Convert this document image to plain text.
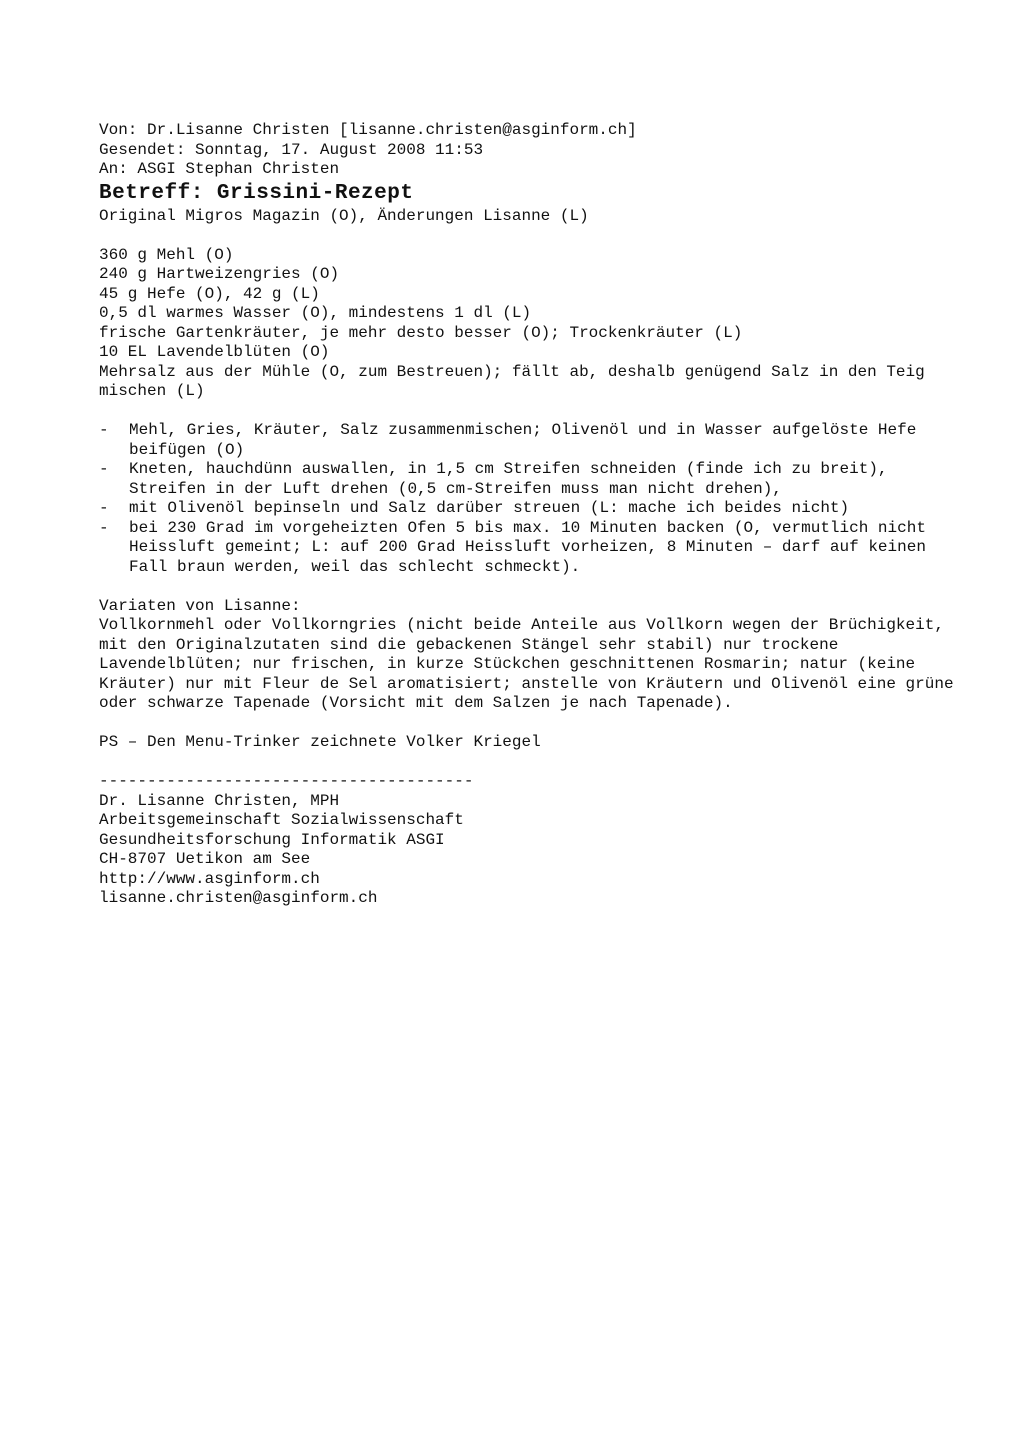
Von: Dr.Lisanne Christen [lisanne.christen@asginform.ch]
Gesendet: Sonntag, 17. August 2008 11:53
An: ASGI Stephan Christen
Betreff: Grissini-Rezept
Original Migros Magazin (O), Änderungen Lisanne (L)
360 g Mehl (O)
240 g Hartweizengries (O)
45 g Hefe (O), 42 g (L)
0,5 dl warmes Wasser (O), mindestens 1 dl (L)
frische Gartenkräuter, je mehr desto besser (O); Trockenkräuter (L)
10 EL Lavendelblüten (O)
Mehrsalz aus der Mühle (O, zum Bestreuen); fällt ab, deshalb genügend Salz in den Teig mischen (L)
- Mehl, Gries, Kräuter, Salz zusammenmischen; Olivenöl und in Wasser aufgelöste Hefe beifügen (O)
- Kneten, hauchdünn auswallen, in 1,5 cm Streifen schneiden (finde ich zu breit), Streifen in der Luft drehen (0,5 cm-Streifen muss man nicht drehen),
- mit Olivenöl bepinseln und Salz darüber streuen (L: mache ich beides nicht)
- bei 230 Grad im vorgeheizten Ofen 5 bis max. 10 Minuten backen (O, vermutlich nicht Heissluft gemeint; L: auf 200 Grad Heissluft vorheizen, 8 Minuten – darf auf keinen Fall braun werden, weil das schlecht schmeckt).
Variaten von Lisanne:
Vollkornmehl oder Vollkorngries (nicht beide Anteile aus Vollkorn wegen der Brüchigkeit, mit den Originalzutaten sind die gebackenen Stängel sehr stabil) nur trockene Lavendelblüten; nur frischen, in kurze Stückchen geschnittenen Rosmarin; natur (keine Kräuter) nur mit Fleur de Sel aromatisiert; anstelle von Kräutern und Olivenöl eine grüne oder schwarze Tapenade (Vorsicht mit dem Salzen je nach Tapenade).
PS – Den Menu-Trinker zeichnete Volker Kriegel
---------------------------------------
Dr. Lisanne Christen, MPH
Arbeitsgemeinschaft Sozialwissenschaft
Gesundheitsforschung Informatik ASGI
CH-8707 Uetikon am See
http://www.asginform.ch
lisanne.christen@asginform.ch
